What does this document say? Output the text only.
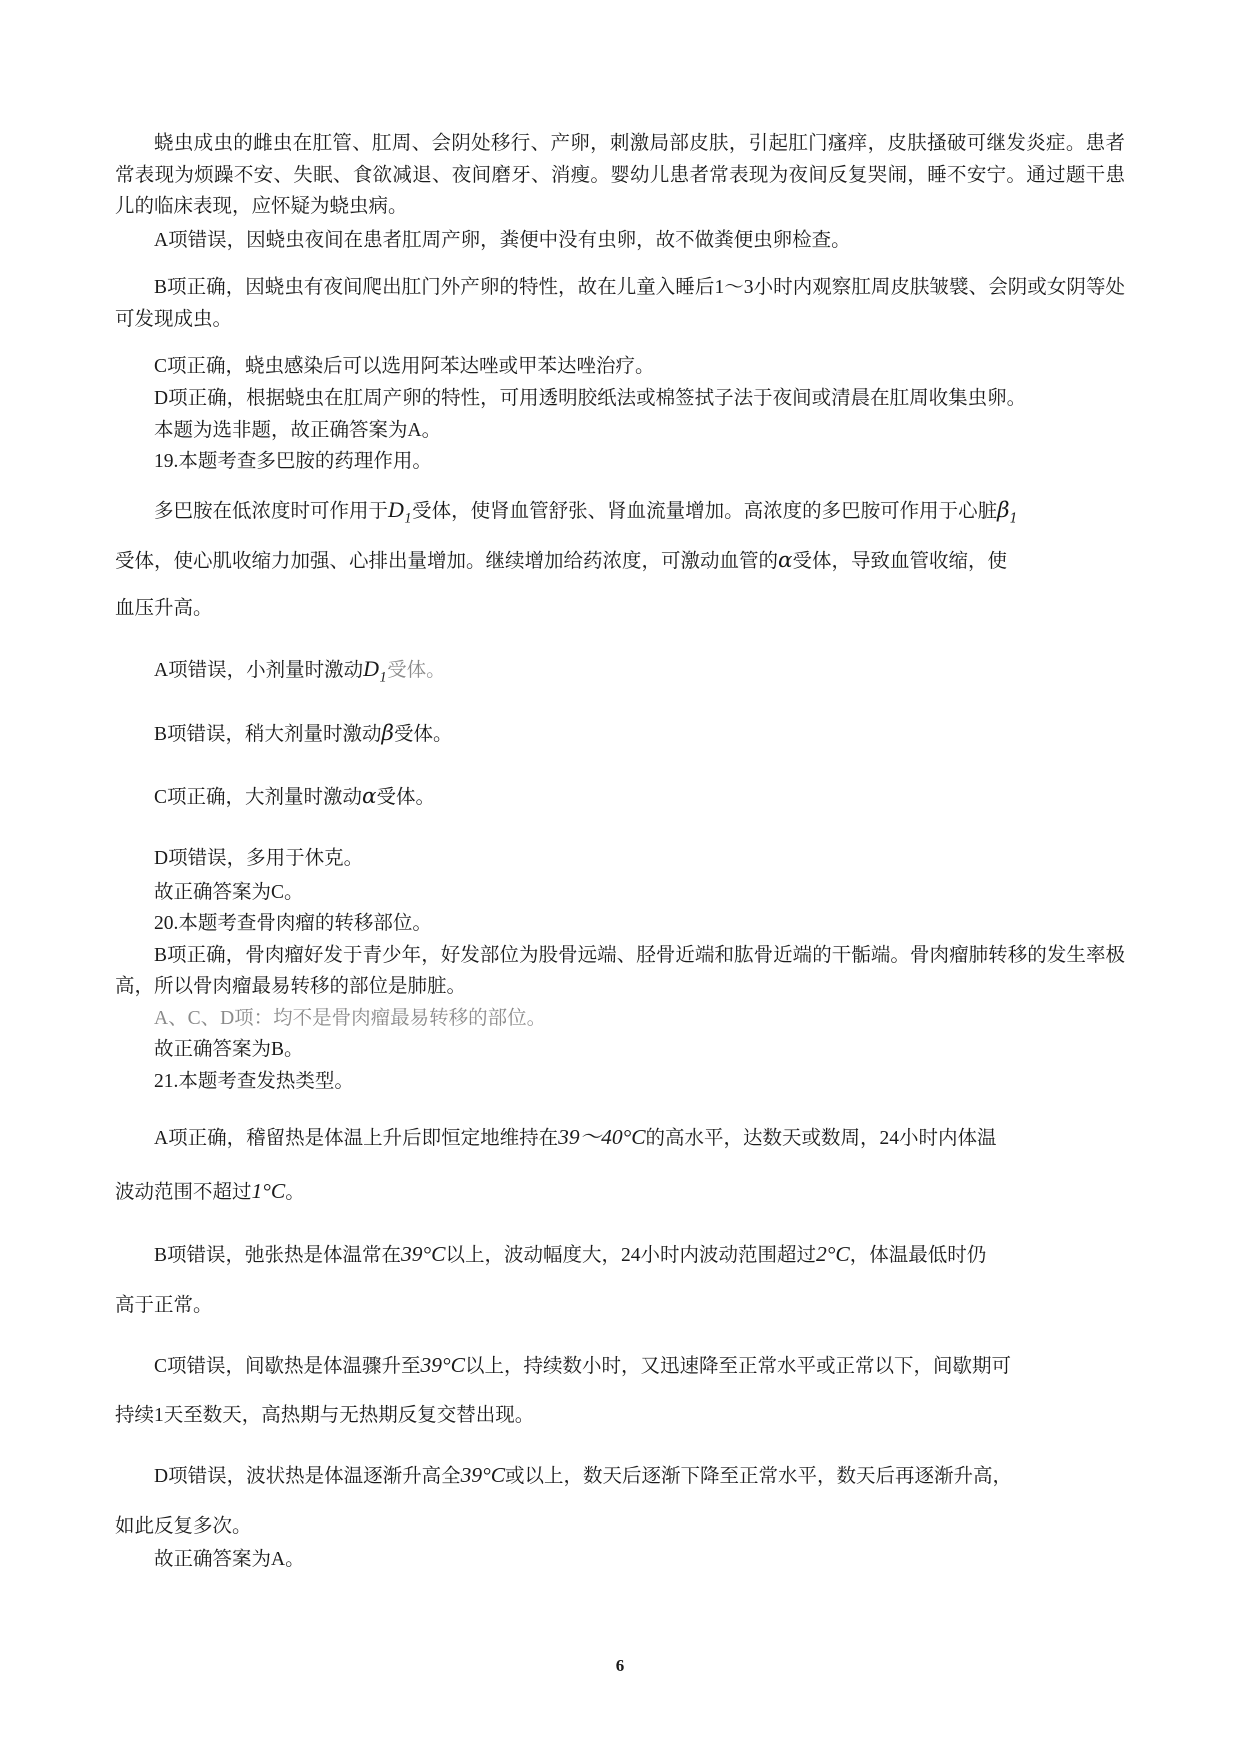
蛲虫成虫的雌虫在肛管、肛周、会阴处移行、产卵，刺激局部皮肤，引起肛门瘙痒，皮肤搔破可继发炎症。患者常表现为烦躁不安、失眠、食欲减退、夜间磨牙、消瘦。婴幼儿患者常表现为夜间反复哭闹，睡不安宁。通过题干患儿的临床表现，应怀疑为蛲虫病。

A项错误，因蛲虫夜间在患者肛周产卵，粪便中没有虫卵，故不做粪便虫卵检查。

B项正确，因蛲虫有夜间爬出肛门外产卵的特性，故在儿童入睡后1～3小时内观察肛周皮肤皱襞、会阴或女阴等处可发现成虫。

C项正确，蛲虫感染后可以选用阿苯达唑或甲苯达唑治疗。

D项正确，根据蛲虫在肛周产卵的特性，可用透明胶纸法或棉签拭子法于夜间或清晨在肛周收集虫卵。

本题为选非题，故正确答案为A。

19.本题考查多巴胺的药理作用。

多巴胺在低浓度时可作用于$D_1$受体，使肾血管舒张、肾血流量增加。高浓度的多巴胺可作用于心脏$\beta_1$

受体，使心肌收缩力加强、心排出量增加。继续增加给药浓度，可激动血管的α受体，导致血管收缩，使

血压升高。

A项错误，小剂量时激动$D_1$受体。

B项错误，稍大剂量时激动β受体。

C项正确，大剂量时激动α受体。

D项错误，多用于休克。

故正确答案为C。

20.本题考查骨肉瘤的转移部位。

B项正确，骨肉瘤好发于青少年，好发部位为股骨远端、胫骨近端和肱骨近端的干骺端。骨肉瘤肺转移的发生率极高，所以骨肉瘤最易转移的部位是肺脏。

A、C、D项：均不是骨肉瘤最易转移的部位。

故正确答案为B。

21.本题考查发热类型。

A项正确，稽留热是体温上升后即恒定地维持在39～40°C的高水平，达数天或数周，24小时内体温

波动范围不超过1°C。

B项错误，弛张热是体温常在39°C以上，波动幅度大，24小时内波动范围超过2°C，体温最低时仍

高于正常。

C项错误，间歇热是体温骤升至39°C以上，持续数小时，又迅速降至正常水平或正常以下，间歇期可

持续1天至数天，高热期与无热期反复交替出现。

D项错误，波状热是体温逐渐升高全39°C或以上，数天后逐渐下降至正常水平，数天后再逐渐升高，

如此反复多次。

故正确答案为A。

6
